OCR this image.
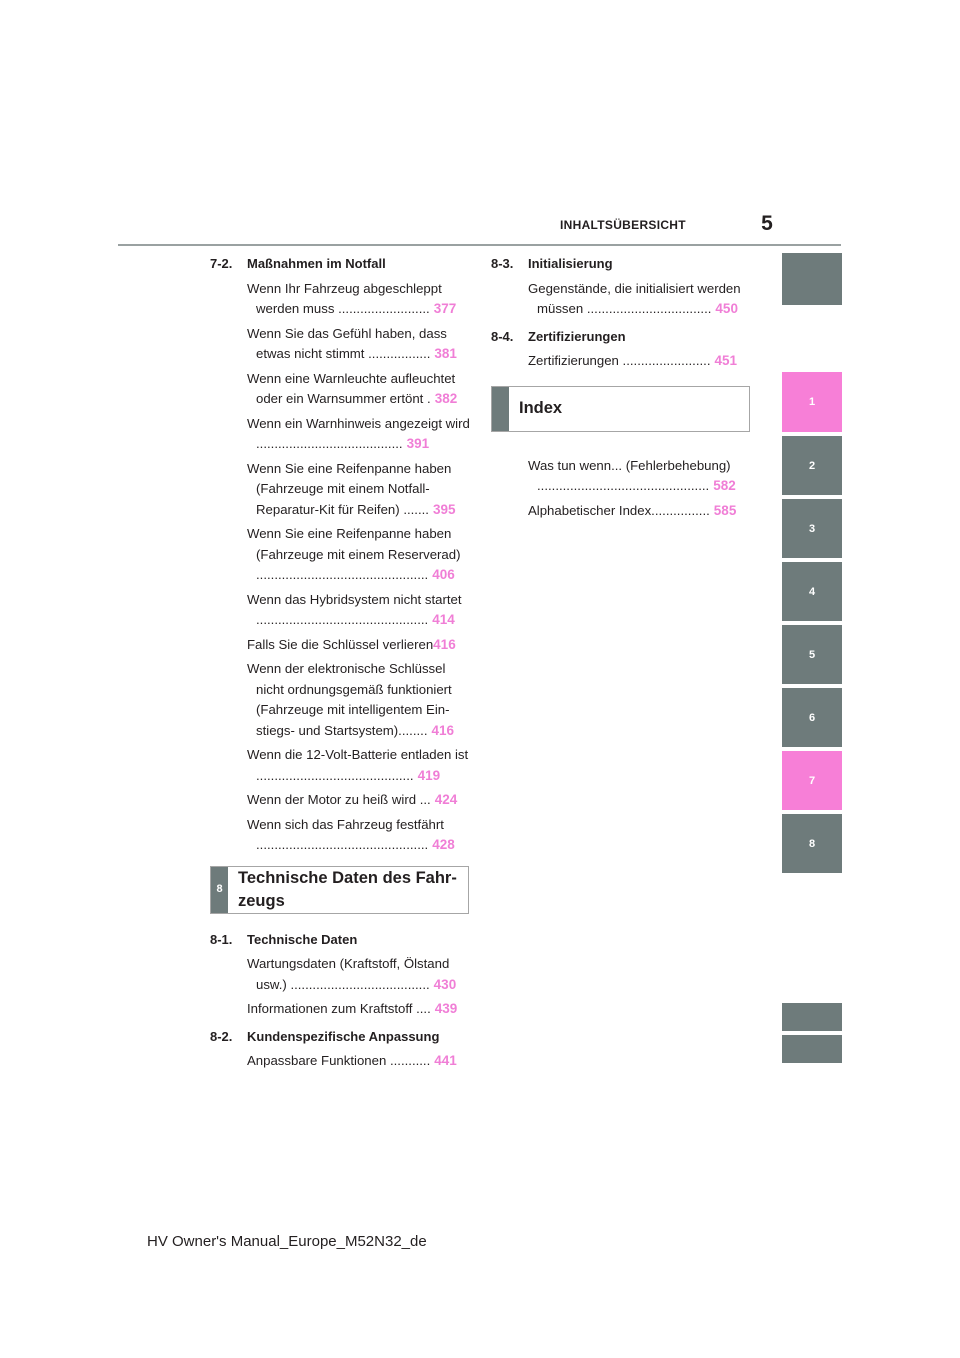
INHALTSÜBERSICHT	5
7-2.	Maßnahmen im Notfall
Wenn Ihr Fahrzeug abgeschleppt werden muss ......................... 377
Wenn Sie das Gefühl haben, dass etwas nicht stimmt ................. 381
Wenn eine Warnleuchte aufleuchtet oder ein Warnsummer ertönt . 382
Wenn ein Warnhinweis angezeigt wird ........................................ 391
Wenn Sie eine Reifenpanne haben (Fahrzeuge mit einem Notfall-Reparatur-Kit für Reifen) ....... 395
Wenn Sie eine Reifenpanne haben (Fahrzeuge mit einem Reserverad) ............................................... 406
Wenn das Hybridsystem nicht startet ............................................... 414
Falls Sie die Schlüssel verlieren416
Wenn der elektronische Schlüssel nicht ordnungsgemäß funktioniert (Fahrzeuge mit intelligentem Ein-stiegs- und Startsystem)........ 416
Wenn die 12-Volt-Batterie entladen ist ........................................... 419
Wenn der Motor zu heiß wird ... 424
Wenn sich das Fahrzeug festfährt ............................................... 428
8
Technische Daten des Fahr-zeugs
8-1.	Technische Daten
Wartungsdaten (Kraftstoff, Ölstand usw.) ...................................... 430
Informationen zum Kraftstoff .... 439
8-2.	Kundenspezifische Anpassung
Anpassbare Funktionen ........... 441
8-3.	Initialisierung
Gegenstände, die initialisiert werden müssen .................................. 450
8-4.	Zertifizierungen
Zertifizierungen ........................ 451
Index
Was tun wenn... (Fehlerbehebung) ............................................... 582
Alphabetischer Index................ 585
1
2
3
4
5
6
7
8
HV Owner's Manual_Europe_M52N32_de
